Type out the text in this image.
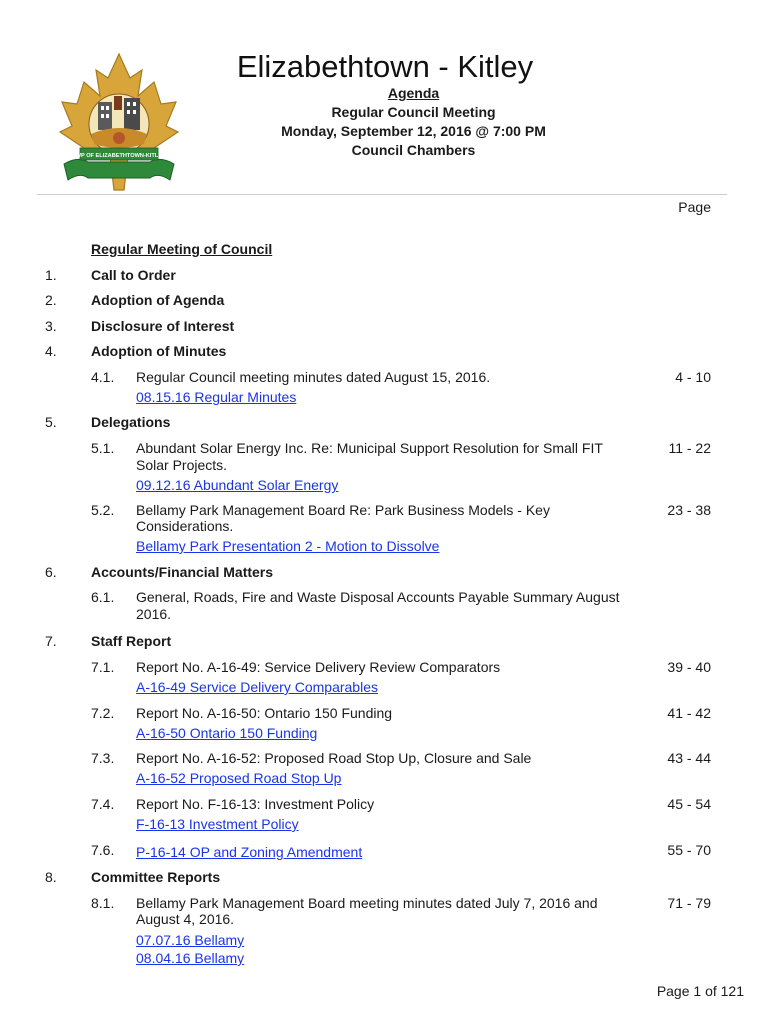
TWP OF ELIZABETHTOWN-KITLEY
Elizabethtown - Kitley
Agenda
Regular Council Meeting
Monday, September 12, 2016 @ 7:00 PM
Council Chambers
Page
Regular Meeting of Council
1. Call to Order
2. Adoption of Agenda
3. Disclosure of Interest
4. Adoption of Minutes
4.1. Regular Council meeting minutes dated August 15, 2016.
08.15.16 Regular Minutes
4 - 10
5. Delegations
5.1. Abundant Solar Energy Inc. Re: Municipal Support Resolution for Small FIT
Solar Projects.
09.12.16 Abundant Solar Energy
11 - 22
5.2. Bellamy Park Management Board Re: Park Business Models - Key
Considerations.
Bellamy Park Presentation 2 - Motion to Dissolve
23 - 38
6. Accounts/Financial Matters
6.1. General, Roads, Fire and Waste Disposal Accounts Payable Summary August
2016.
7. Staff Report
7.1. Report No. A-16-49: Service Delivery Review Comparators
A-16-49 Service Delivery Comparables
39 - 40
7.2. Report No. A-16-50: Ontario 150 Funding
A-16-50 Ontario 150 Funding
41 - 42
7.3. Report No. A-16-52: Proposed Road Stop Up, Closure and Sale
A-16-52 Proposed Road Stop Up
43 - 44
7.4. Report No. F-16-13: Investment Policy
F-16-13 Investment Policy
45 - 54
7.6. P-16-14 OP and Zoning Amendment	55 - 70
8. Committee Reports
8.1. Bellamy Park Management Board meeting minutes dated July 7, 2016 and
August 4, 2016.
07.07.16 Bellamy
08.04.16 Bellamy
71 - 79
Page 1 of 121
